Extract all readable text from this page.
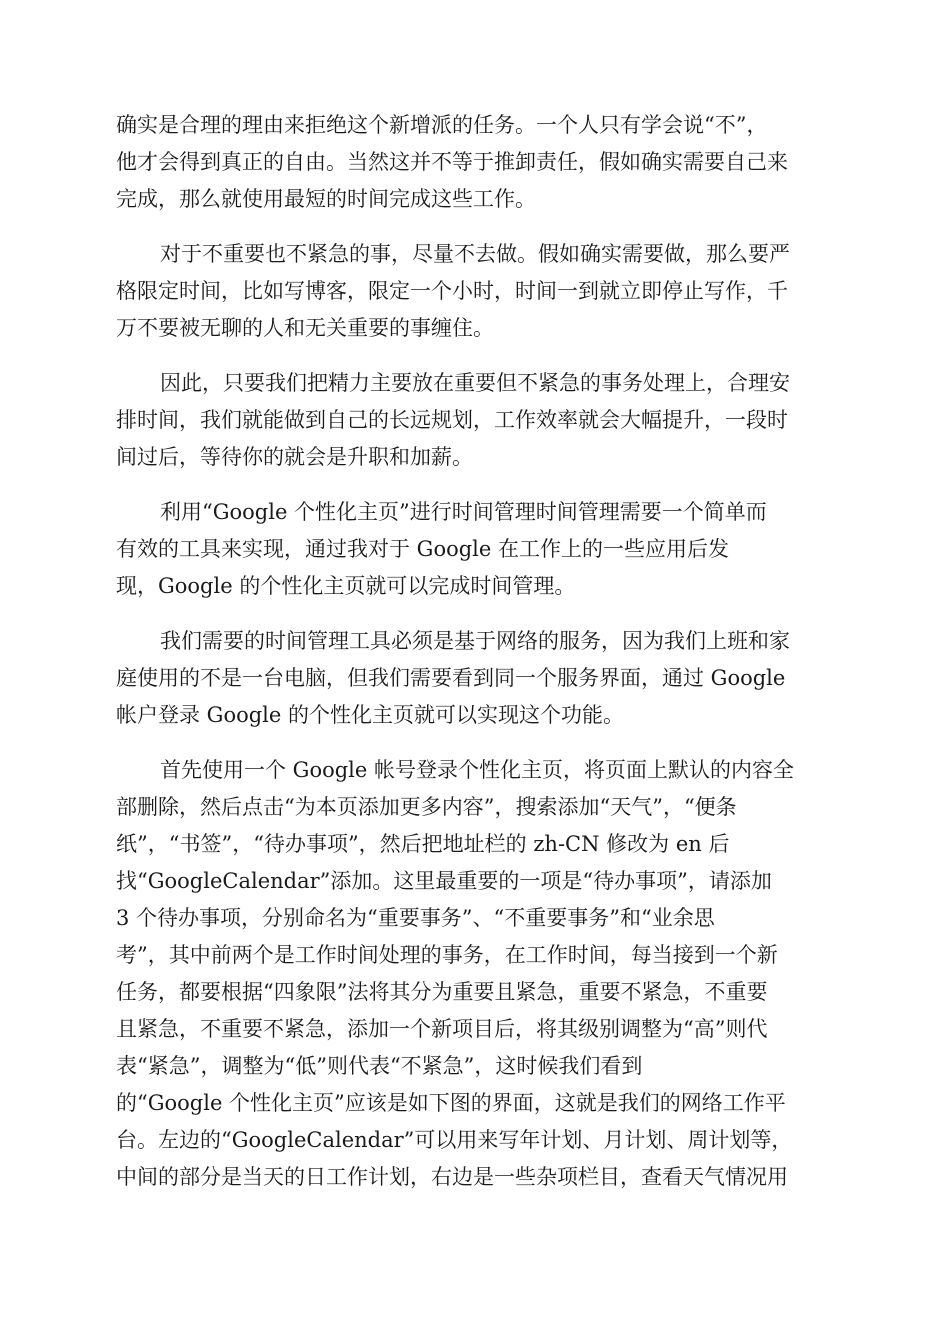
确实是合理的理由来拒绝这个新增派的任务。一个人只有学会说“不”，
他才会得到真正的自由。当然这并不等于推卸责任，假如确实需要自己来
完成，那么就使用最短的时间完成这些工作。
对于不重要也不紧急的事，尽量不去做。假如确实需要做，那么要严
格限定时间，比如写博客，限定一个小时，时间一到就立即停止写作，千
万不要被无聊的人和无关重要的事缠住。
因此，只要我们把精力主要放在重要但不紧急的事务处理上，合理安
排时间，我们就能做到自己的长远规划，工作效率就会大幅提升，一段时
间过后，等待你的就会是升职和加薪。
利用“Google 个性化主页”进行时间管理时间管理需要一个简单而
有效的工具来实现，通过我对于 Google 在工作上的一些应用后发
现，Google 的个性化主页就可以完成时间管理。
我们需要的时间管理工具必须是基于网络的服务，因为我们上班和家
庭使用的不是一台电脑，但我们需要看到同一个服务界面，通过 Google
帐户登录 Google 的个性化主页就可以实现这个功能。
首先使用一个 Google 帐号登录个性化主页，将页面上默认的内容全
部删除，然后点击“为本页添加更多内容”，搜索添加“天气”，“便条
纸”，“书签”，“待办事项”，然后把地址栏的 zh-CN 修改为 en 后
找“GoogleCalendar”添加。这里最重要的一项是“待办事项”，请添加
3 个待办事项，分别命名为“重要事务”、“不重要事务”和“业余思
考”，其中前两个是工作时间处理的事务，在工作时间，每当接到一个新
任务，都要根据“四象限”法将其分为重要且紧急，重要不紧急，不重要
且紧急，不重要不紧急，添加一个新项目后，将其级别调整为“高”则代
表“紧急”，调整为“低”则代表“不紧急”，这时候我们看到
的“Google 个性化主页”应该是如下图的界面，这就是我们的网络工作平
台。左边的“GoogleCalendar”可以用来写年计划、月计划、周计划等，
中间的部分是当天的日工作计划，右边是一些杂项栏目，查看天气情况用
